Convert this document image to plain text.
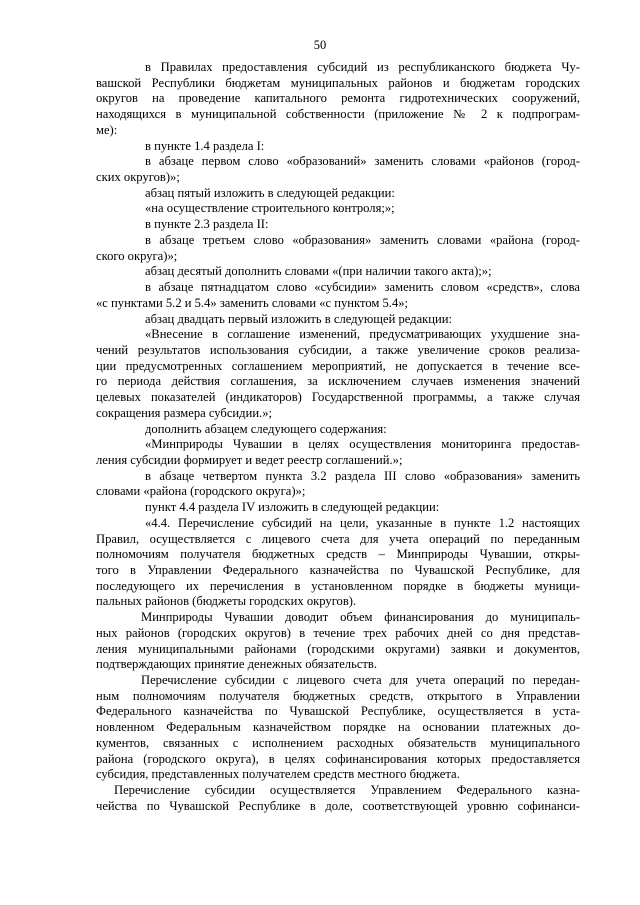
50
в Правилах предоставления субсидий из республиканского бюджета Чу-
вашской Республики бюджетам муниципальных районов и бюджетам городских
округов на проведение капитального ремонта гидротехнических сооружений,
находящихся в муниципальной собственности (приложение № 2 к подпрограм-
ме):
в пункте 1.4 раздела I:
в абзаце первом слово «образований» заменить словами «районов (город-
ских округов)»;
абзац пятый изложить в следующей редакции:
«на осуществление строительного контроля;»;
в пункте 2.3 раздела II:
в абзаце третьем слово «образования» заменить словами «района (город-
ского округа)»;
абзац десятый дополнить словами «(при наличии такого акта);»;
в абзаце пятнадцатом слово «субсидии» заменить словом «средств», слова
«с пунктами 5.2 и 5.4» заменить словами «с пунктом 5.4»;
абзац двадцать первый изложить в следующей редакции:
«Внесение в соглашение изменений, предусматривающих ухудшение зна-
чений результатов использования субсидии, а также увеличение сроков реализа-
ции предусмотренных соглашением мероприятий, не допускается в течение все-
го периода действия соглашения, за исключением случаев изменения значений
целевых показателей (индикаторов) Государственной программы, а также случая
сокращения размера субсидии.»;
дополнить абзацем следующего содержания:
«Минприроды Чувашии в целях осуществления мониторинга предостав-
ления субсидии формирует и ведет реестр соглашений.»;
в абзаце четвертом пункта 3.2 раздела III слово «образования» заменить
словами «района (городского округа)»;
пункт 4.4 раздела IV изложить в следующей редакции:
«4.4. Перечисление субсидий на цели, указанные в пункте 1.2 настоящих
Правил, осуществляется с лицевого счета для учета операций по переданным
полномочиям получателя бюджетных средств – Минприроды Чувашии, откры-
того в Управлении Федерального казначейства по Чувашской Республике, для
последующего их перечисления в установленном порядке в бюджеты муници-
пальных районов (бюджеты городских округов).
Минприроды Чувашии доводит объем финансирования до муниципаль-
ных районов (городских округов) в течение трех рабочих дней со дня представ-
ления муниципальными районами (городскими округами) заявки и документов,
подтверждающих принятие денежных обязательств.
Перечисление субсидии с лицевого счета для учета операций по передан-
ным полномочиям получателя бюджетных средств, открытого в Управлении
Федерального казначейства по Чувашской Республике, осуществляется в уста-
новленном Федеральным казначейством порядке на основании платежных до-
кументов, связанных с исполнением расходных обязательств муниципального
района (городского округа), в целях софинансирования которых предоставляется
субсидия, представленных получателем средств местного бюджета.
Перечисление субсидии осуществляется Управлением Федерального казна-
чейства по Чувашской Республике в доле, соответствующей уровню софинанси-
